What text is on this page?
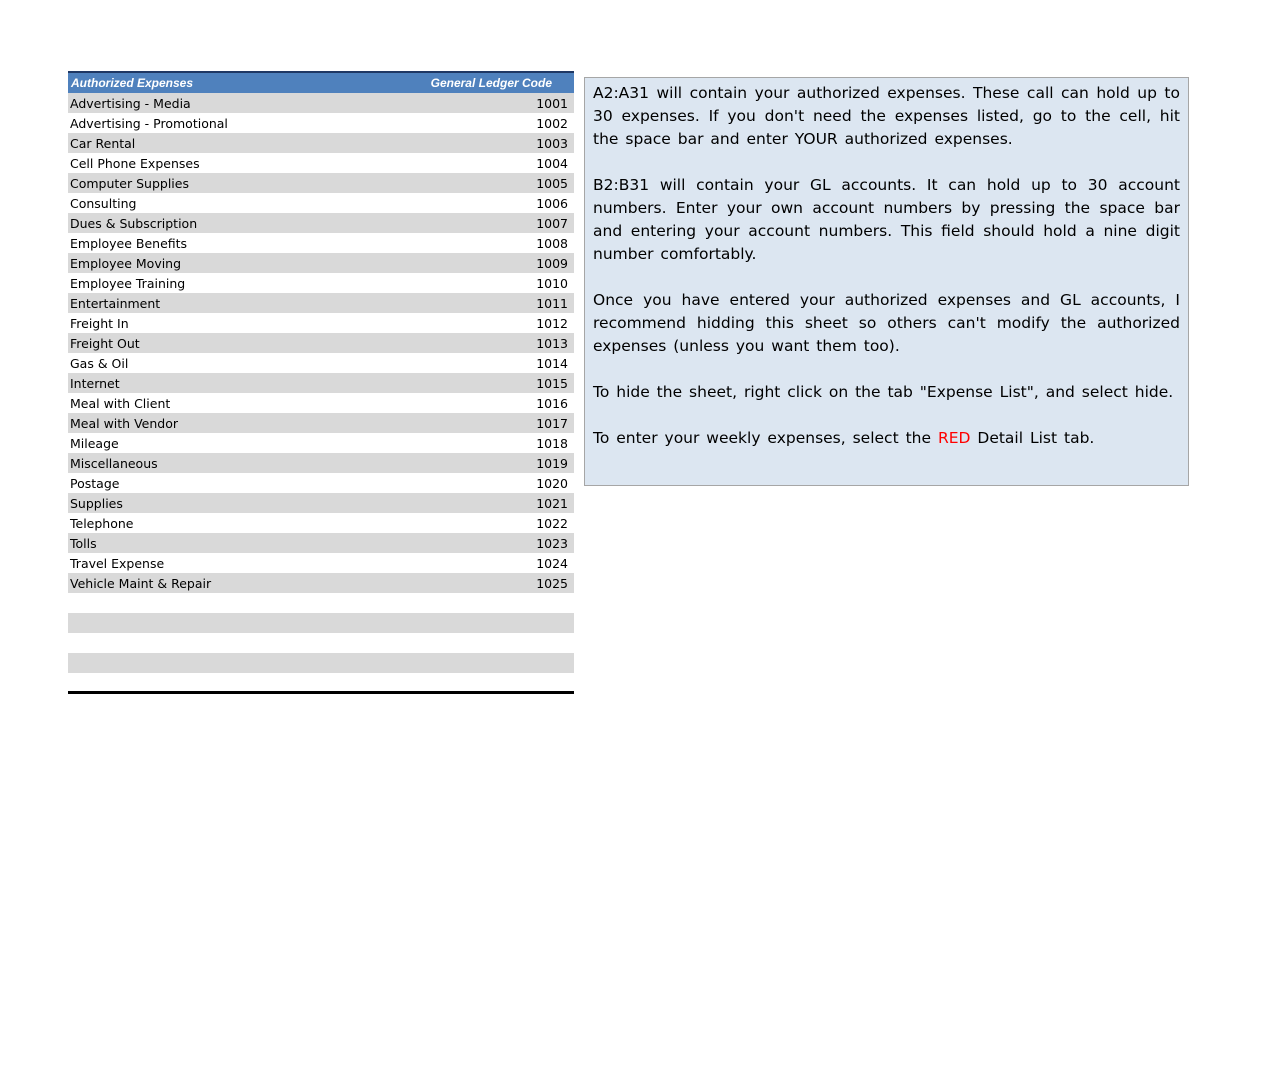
Authorized Expenses	General Ledger Code
Advertising - Media	1001
Advertising - Promotional	1002
Car Rental	1003
Cell Phone Expenses	1004
Computer Supplies	1005
Consulting	1006
Dues & Subscription	1007
Employee Benefits	1008
Employee Moving	1009
Employee Training	1010
Entertainment	1011
Freight In	1012
Freight Out	1013
Gas & Oil	1014
Internet	1015
Meal with Client	1016
Meal with Vendor	1017
Mileage	1018
Miscellaneous	1019
Postage	1020
Supplies	1021
Telephone	1022
Tolls	1023
Travel Expense	1024
Vehicle Maint & Repair	1025

A2:A31 will contain your authorized expenses. These call can hold up to 30 expenses. If you don't need the expenses listed, go to the cell, hit the space bar and enter YOUR authorized expenses.

B2:B31 will contain your GL accounts. It can hold up to 30 account numbers. Enter your own account numbers by pressing the space bar and entering your account numbers. This field should hold a nine digit number comfortably.

Once you have entered your authorized expenses and GL accounts, I recommend hidding this sheet so others can't modify the authorized expenses (unless you want them too).

To hide the sheet, right click on the tab "Expense List", and select hide.

To enter your weekly expenses, select the RED Detail List tab.
